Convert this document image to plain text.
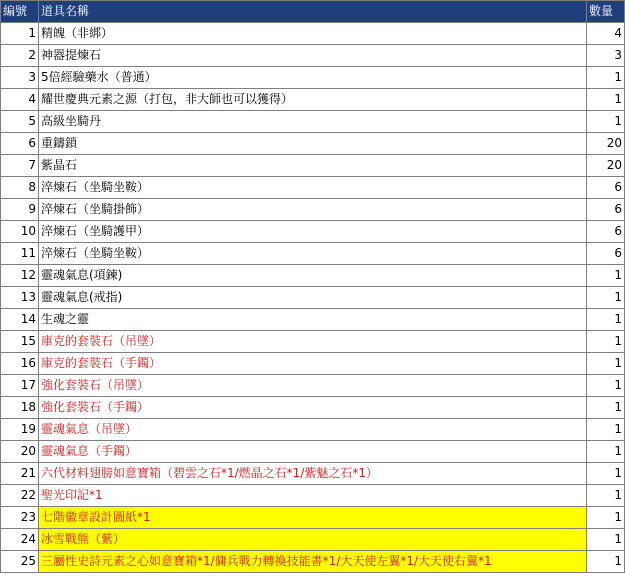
編號	道具名稱	數量
1	精魄（非綁）	4
2	神器提煉石	3
3	5倍經驗藥水（普通）	1
4	耀世慶典元素之源（打包，非大師也可以獲得）	1
5	高級坐騎丹	1
6	重鑄鎖	20
7	紫晶石	20
8	淬煉石（坐騎坐鞍）	6
9	淬煉石（坐騎掛飾）	6
10	淬煉石（坐騎護甲）	6
11	淬煉石（坐騎坐鞍）	6
12	靈魂氣息(項鍊)	1
13	靈魂氣息(戒指)	1
14	生魂之靈	1
15	庫克的套裝石（吊墜）	1
16	庫克的套裝石（手鐲）	1
17	強化套裝石（吊墜）	1
18	強化套裝石（手鐲）	1
19	靈魂氣息（吊墜）	1
20	靈魂氣息（手鐲）	1
21	六代材料翅膀如意寶箱（碧雲之石*1/燃晶之石*1/紫魅之石*1）	1
22	聖光印記*1	1
23	七階徽章設計圖紙*1	1
24	冰雪戰熊（紫）	1
25	三屬性史詩元素之心如意寶箱*1/傭兵戰力轉換技能書*1/大天使左翼*1/大天使右翼*1	1
